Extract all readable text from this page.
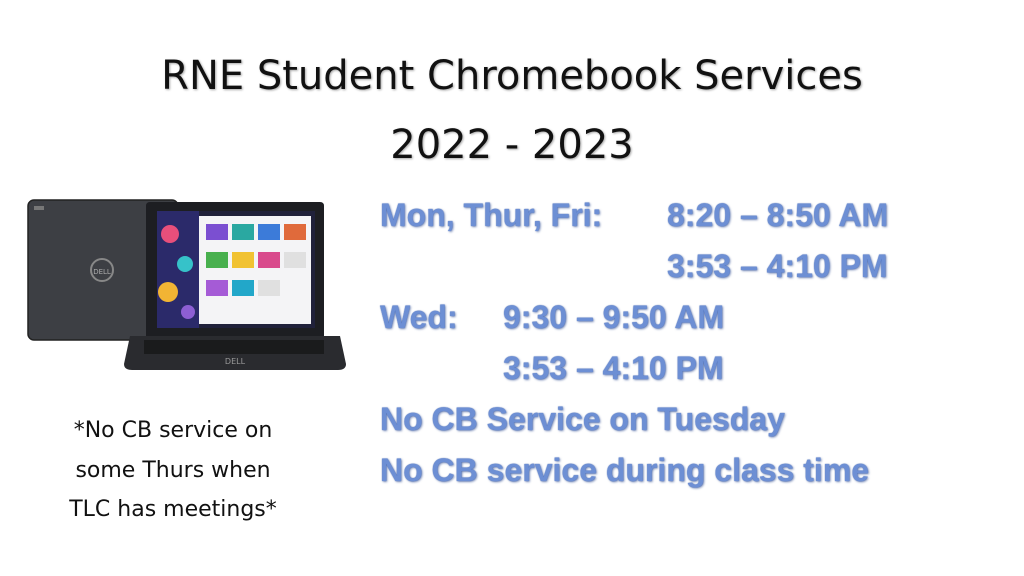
RNE Student Chromebook Services
2022 - 2023
DELL
DELL
*No CB service on
some Thurs when
TLC has meetings*
Mon, Thur, Fri: 8:20 – 8:50 AM
3:53 – 4:10 PM
Wed: 9:30 – 9:50 AM
3:53 – 4:10 PM
No CB Service on Tuesday
No CB service during class time
